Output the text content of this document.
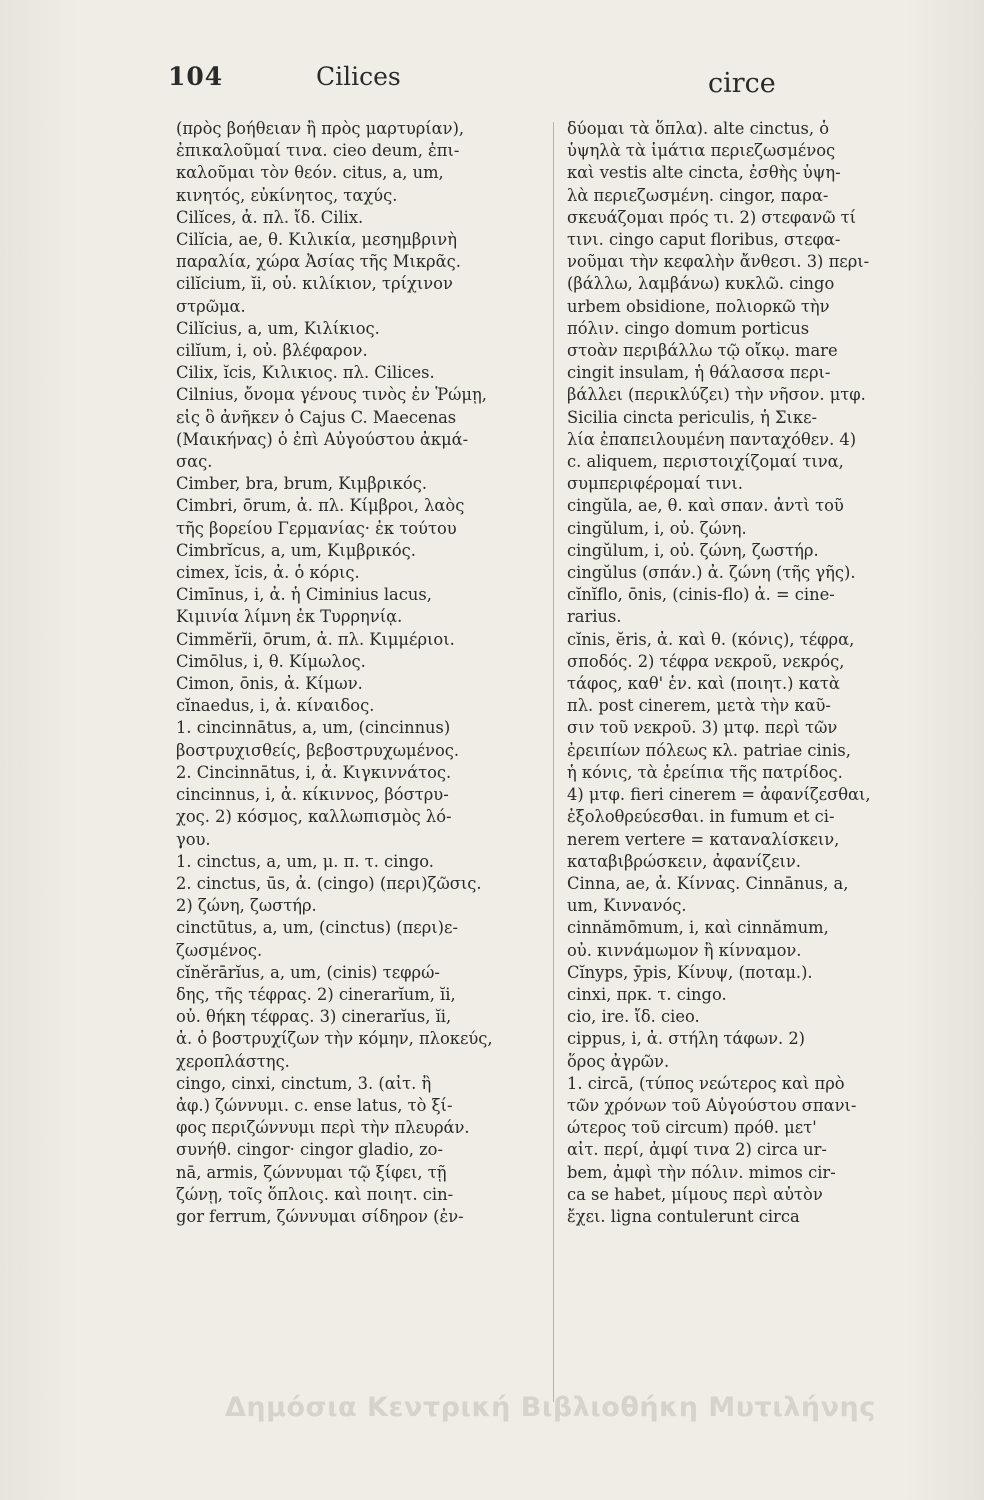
104	Cilices	circe
(πρὸς βοήθειαν ἢ πρὸς μαρτυρίαν),
ἐπικαλοῦμαί τινα. cieo deum, ἐπι-
καλοῦμαι τὸν θεόν. citus, a, um,
κινητός, εὐκίνητος, ταχύς.
Cilĭces, ἀ. πλ. ἴδ. Cilix.
Cilĭcia, ae, θ. Κιλικία, μεσημβρινὴ
παραλία, χώρα Ἀσίας τῆς Μικρᾶς.
cilĭcium, ĭi, οὐ. κιλίκιον, τρίχινον
στρῶμα.
Cilĭcius, a, um, Κιλίκιος.
cilĭum, i, οὐ. βλέφαρον.
Cilix, ĭcis, Κιλικιος. πλ. Cilices.
Cilnius, ὄνομα γένους τινὸς ἐν Ῥώμῃ,
εἰς ὃ ἀνῆκεν ὁ Cajus C. Maecenas
(Μαικήνας) ὁ ἐπὶ Αὐγούστου ἀκμά-
σας.
Cimber, bra, brum, Κιμβρικός.
Cimbri, ōrum, ἀ. πλ. Κίμβροι, λαὸς
τῆς βορείου Γερμανίας· ἐκ τούτου
Cimbrĭcus, a, um, Κιμβρικός.
cimex, ĭcis, ἀ. ὁ κόρις.
Cimīnus, i, ἀ. ἡ Ciminius lacus,
Κιμινία λίμνη ἐκ Τυρρηνίᾳ.
Cimmĕrĭi, ōrum, ἀ. πλ. Κιμμέριοι.
Cimōlus, i, θ. Κίμωλος.
Cimon, ōnis, ἀ. Κίμων.
cĭnaedus, i, ἀ. κίναιδος.
1. cincinnātus, a, um, (cincinnus)
βοστρυχισθείς, βεβοστρυχωμένος.
2. Cincinnātus, i, ἀ. Κιγκιννάτος.
cincinnus, i, ἀ. κίκιννος, βόστρυ-
χος. 2) κόσμος, καλλωπισμὸς λό-
γου.
1. cinctus, a, um, μ. π. τ. cingo.
2. cinctus, ūs, ἀ. (cingo) (περι)ζῶσις.
2) ζώνη, ζωστήρ.
cinctūtus, a, um, (cinctus) (περι)ε-
ζωσμένος.
cĭnĕrārĭus, a, um, (cinis) τεφρώ-
δης, τῆς τέφρας. 2) cinerarĭum, ĭi,
οὐ. θήκη τέφρας. 3) cinerarĭus, ĭi,
ἀ. ὁ βοστρυχίζων τὴν κόμην, πλοκεύς,
χεροπλάστης.
cingo, cinxi, cinctum, 3. (αἰτ. ἢ
ἀφ.) ζώννυμι. c. ense latus, τὸ ξί-
φος περιζώννυμι περὶ τὴν πλευράν.
συνήθ. cingor· cingor gladio, zo-
nā, armis, ζώννυμαι τῷ ξίφει, τῇ
ζώνῃ, τοῖς ὅπλοις. καὶ ποιητ. cin-
gor ferrum, ζώννυμαι σίδηρον (ἐν-
δύομαι τὰ ὅπλα). alte cinctus, ὁ
ὑψηλὰ τὰ ἱμάτια περιεζωσμένος
καὶ vestis alte cincta, ἐσθὴς ὑψη-
λὰ περιεζωσμένη. cingor, παρα-
σκευάζομαι πρός τι. 2) στεφανῶ τί
τινι. cingo caput floribus, στεφα-
νοῦμαι τὴν κεφαλὴν ἄνθεσι. 3) περι-
(βάλλω, λαμβάνω) κυκλῶ. cingo
urbem obsidione, πολιορκῶ τὴν
πόλιν. cingo domum porticus
στοὰν περιβάλλω τῷ οἴκῳ. mare
cingit insulam, ἡ θάλασσα περι-
βάλλει (περικλύζει) τὴν νῆσον. μτφ.
Sicilia cincta periculis, ἡ Σικε-
λία ἐπαπειλουμένη πανταχόθεν. 4)
c. aliquem, περιστοιχίζομαί τινα,
συμπεριφέρομαί τινι.
cingŭla, ae, θ. καὶ σπαν. ἀντὶ τοῦ
cingŭlum, i, οὐ. ζώνη.
cingŭlum, i, οὐ. ζώνη, ζωστήρ.
cingŭlus (σπάν.) ἀ. ζώνη (τῆς γῆς).
cĭnĭflo, ōnis, (cinis-flo) ἀ. = cine-
rarius.
cĭnis, ĕris, ἀ. καὶ θ. (κόνις), τέφρα,
σποδός. 2) τέφρα νεκροῦ, νεκρός,
τάφος, καθ' ἑν. καὶ (ποιητ.) κατὰ
πλ. post cinerem, μετὰ τὴν καῦ-
σιν τοῦ νεκροῦ. 3) μτφ. περὶ τῶν
ἐρειπίων πόλεως κλ. patriae cinis,
ἡ κόνις, τὰ ἐρείπια τῆς πατρίδος.
4) μτφ. fieri cinerem = ἀφανίζεσθαι,
ἐξολοθρεύεσθαι. in fumum et ci-
nerem vertere = καταναλίσκειν,
καταβιβρώσκειν, ἀφανίζειν.
Cinna, ae, ἀ. Κίννας. Cinnānus, a,
um, Κιννανός.
cinnămōmum, i, καὶ cinnămum,
οὐ. κιννάμωμον ἢ κίνναμον.
Cĭnyps, ȳpis, Κίνυψ, (ποταμ.).
cinxi, πρκ. τ. cingo.
cio, ire. ἴδ. cieo.
cippus, i, ἀ. στήλη τάφων. 2)
ὅρος ἀγρῶν.
1. circā, (τύπος νεώτερος καὶ πρὸ
τῶν χρόνων τοῦ Αὐγούστου σπανι-
ώτερος τοῦ circum) πρόθ. μετ'
αἰτ. περί, ἀμφί τινα 2) circa ur-
bem, ἀμφὶ τὴν πόλιν. mimos cir-
ca se habet, μίμους περὶ αὐτὸν
ἔχει. ligna contulerunt circa
Δημόσια Κεντρική Βιβλιοθήκη Μυτιλήνης
